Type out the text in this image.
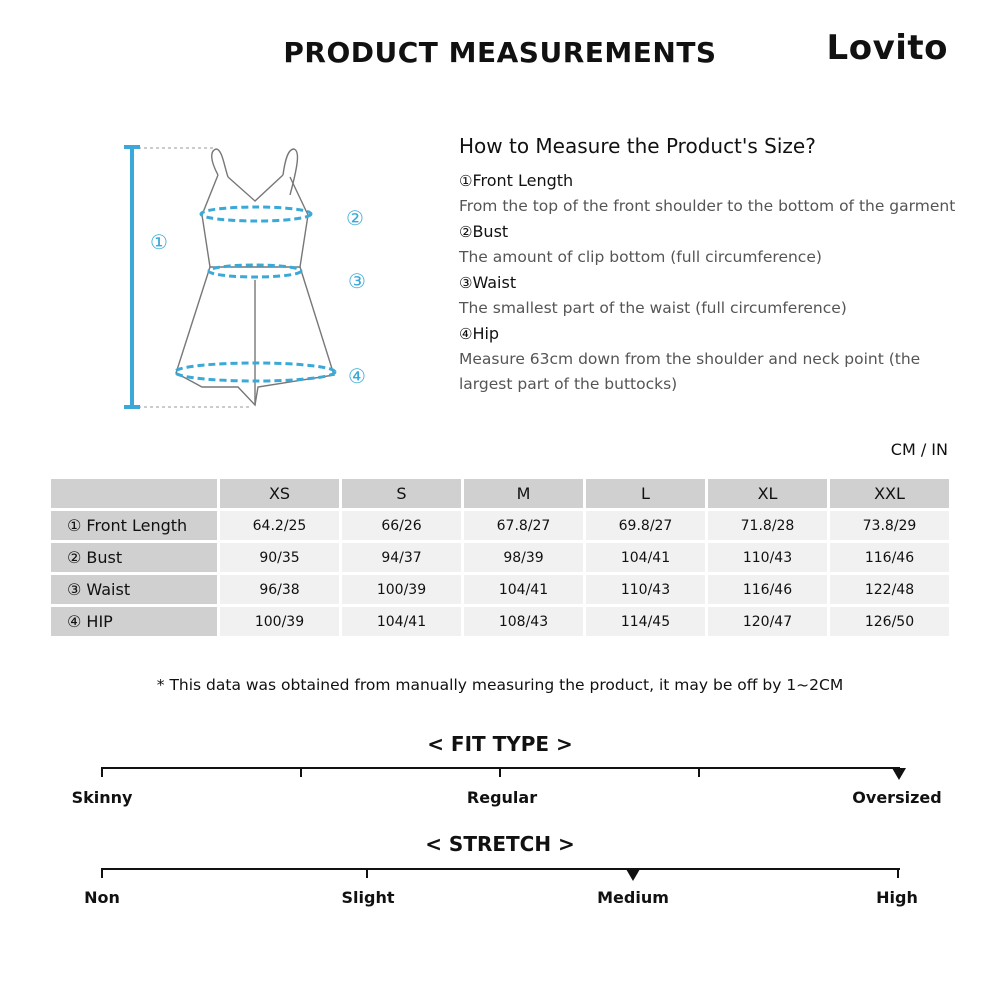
PRODUCT MEASUREMENTS	Lovito
①
②
③
④
How to Measure the Product's Size?
①Front Length
From the top of the front shoulder to the bottom of the garment
②Bust
The amount of clip bottom (full circumference)
③Waist
The smallest part of the waist (full circumference)
④Hip
Measure 63cm down from the shoulder and neck point (the largest part of the buttocks)
CM / IN
	XS	S	M	L	XL	XXL
① Front Length	64.2/25	66/26	67.8/27	69.8/27	71.8/28	73.8/29
② Bust	90/35	94/37	98/39	104/41	110/43	116/46
③ Waist	96/38	100/39	104/41	110/43	116/46	122/48
④ HIP	100/39	104/41	108/43	114/45	120/47	126/50
* This data was obtained from manually measuring the product, it may be off by 1~2CM
< FIT TYPE >
Skinny	Regular	Oversized
< STRETCH >
Non	Slight	Medium	High
